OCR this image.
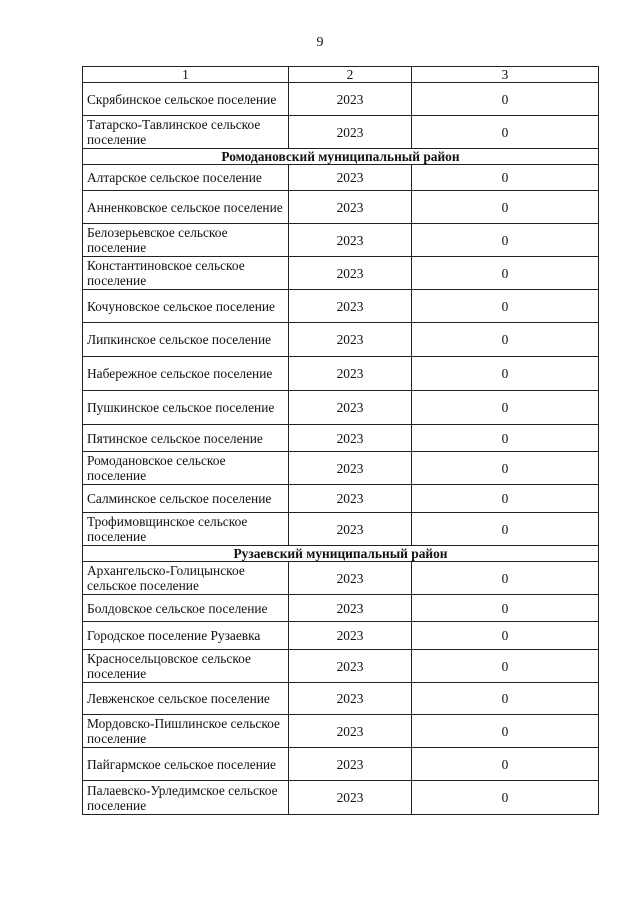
9
1	2	3
Скрябинское сельское поселение	2023	0
Татарско-Тавлинское сельское поселение	2023	0
Ромодановский муниципальный район		
Алтарское сельское поселение	2023	0
Анненковское сельское поселение	2023	0
Белозерьевское сельское поселение	2023	0
Константиновское сельское поселение	2023	0
Кочуновское сельское поселение	2023	0
Липкинское сельское поселение	2023	0
Набережное сельское поселение	2023	0
Пушкинское сельское поселение	2023	0
Пятинское сельское поселение	2023	0
Ромодановское сельское поселение	2023	0
Салминское сельское поселение	2023	0
Трофимовщинское сельское поселение	2023	0
Рузаевский муниципальный район		
Архангельско-Голицынское сельское поселение	2023	0
Болдовское сельское поселение	2023	0
Городское поселение Рузаевка	2023	0
Красносельцовское сельское поселение	2023	0
Левженское сельское поселение	2023	0
Мордовско-Пишлинское сельское поселение	2023	0
Пайгармское сельское поселение	2023	0
Палаевско-Урледимское сельское поселение	2023	0
